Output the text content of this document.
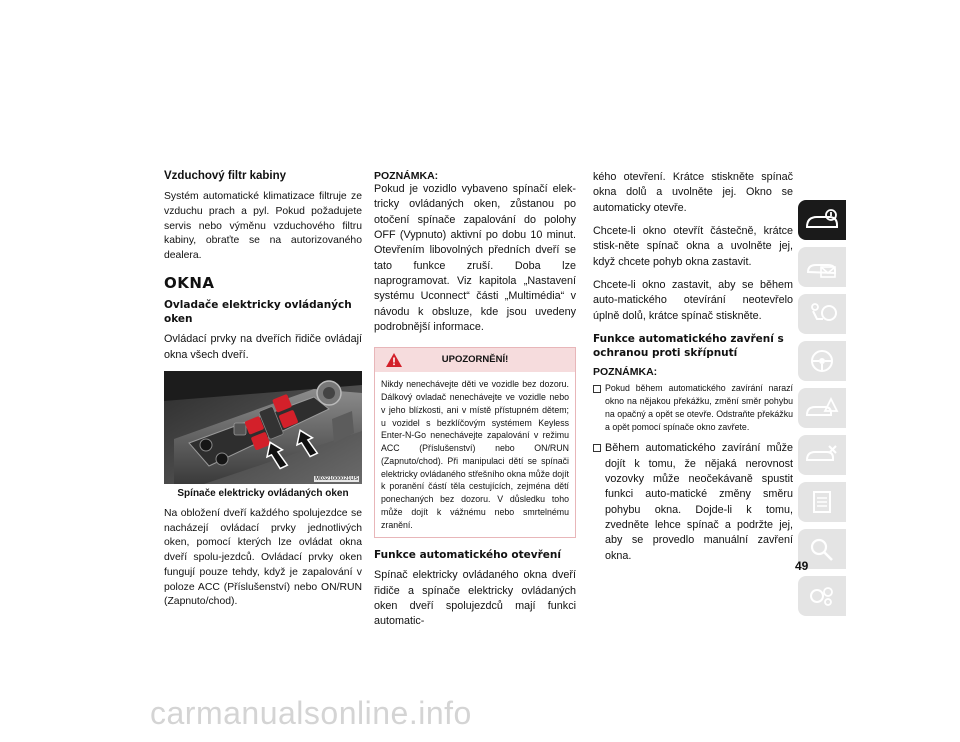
Vzduchový filtr kabiny
Systém automatické klimatizace filtruje ze vzduchu prach a pyl. Pokud požadujete servis nebo výměnu vzduchového filtru kabiny, obraťte se na autorizovaného dealera.
OKNA
Ovladače elektricky ovládaných oken
Ovládací prvky na dveřích řidiče ovládají okna všech dveří.
M0321000021US
Spínače elektricky ovládaných oken
Na obložení dveří každého spolujezdce se nacházejí ovládací prvky jednotlivých oken, pomocí kterých lze ovládat okna dveří spolu-jezdců. Ovládací prvky oken fungují pouze tehdy, když je zapalování v poloze ACC (Příslušenství) nebo ON/RUN (Zapnuto/chod).
POZNÁMKA:
Pokud je vozidlo vybaveno spínačí elek-tricky ovládaných oken, zůstanou po otočení spínače zapalování do polohy OFF (Vypnuto) aktivní po dobu 10 minut. Otevřením libovolných předních dveří se tato funkce zruší. Doba lze naprogramovat. Viz kapitola „Nastavení systému Uconnect“ části „Multimédia“ v návodu k obsluze, kde jsou uvedeny podrobnější informace.
UPOZORNĚNÍ!
Nikdy nenechávejte děti ve vozidle bez dozoru. Dálkový ovladač nenechávejte ve vozidle nebo v jeho blízkosti, ani v místě přístupném dětem; u vozidel s bezklíčovým systémem Keyless Enter-N-Go nenechávejte zapalování v režimu ACC (Příslušenství) nebo ON/RUN (Zapnuto/chod). Při manipulaci dětí se spínači elektricky ovládaného střešního okna může dojít k poranění částí těla cestujících, zejména dětí ponechaných bez dozoru. V důsledku toho může dojít k vážnému nebo smrtelnému zranění.
Funkce automatického otevření
Spínač elektricky ovládaného okna dveří řidiče a spínače elektricky ovládaných oken dveří spolujezdců mají funkci automatic-
kého otevření. Krátce stiskněte spínač okna dolů a uvolněte jej. Okno se automaticky otevře.
Chcete-li okno otevřít částečně, krátce stisk-něte spínač okna a uvolněte jej, když chcete pohyb okna zastavit.
Chcete-li okno zastavit, aby se během auto-matického otevírání neotevřelo úplně dolů, krátce spínač stiskněte.
Funkce automatického zavření s ochranou proti skřípnutí
POZNÁMKA:
Pokud během automatického zavírání narazí okno na nějakou překážku, změní směr pohybu na opačný a opět se otevře. Odstraňte překážku a opět pomocí spínače okno zavřete.
Během automatického zavírání může dojít k tomu, že nějaká nerovnost vozovky může neočekávaně spustit funkci auto-matické změny směru pohybu okna. Dojde-li k tomu, zvedněte lehce spínač a podržte jej, aby se provedlo manuální zavření okna.
49
carmanualsonline.info
